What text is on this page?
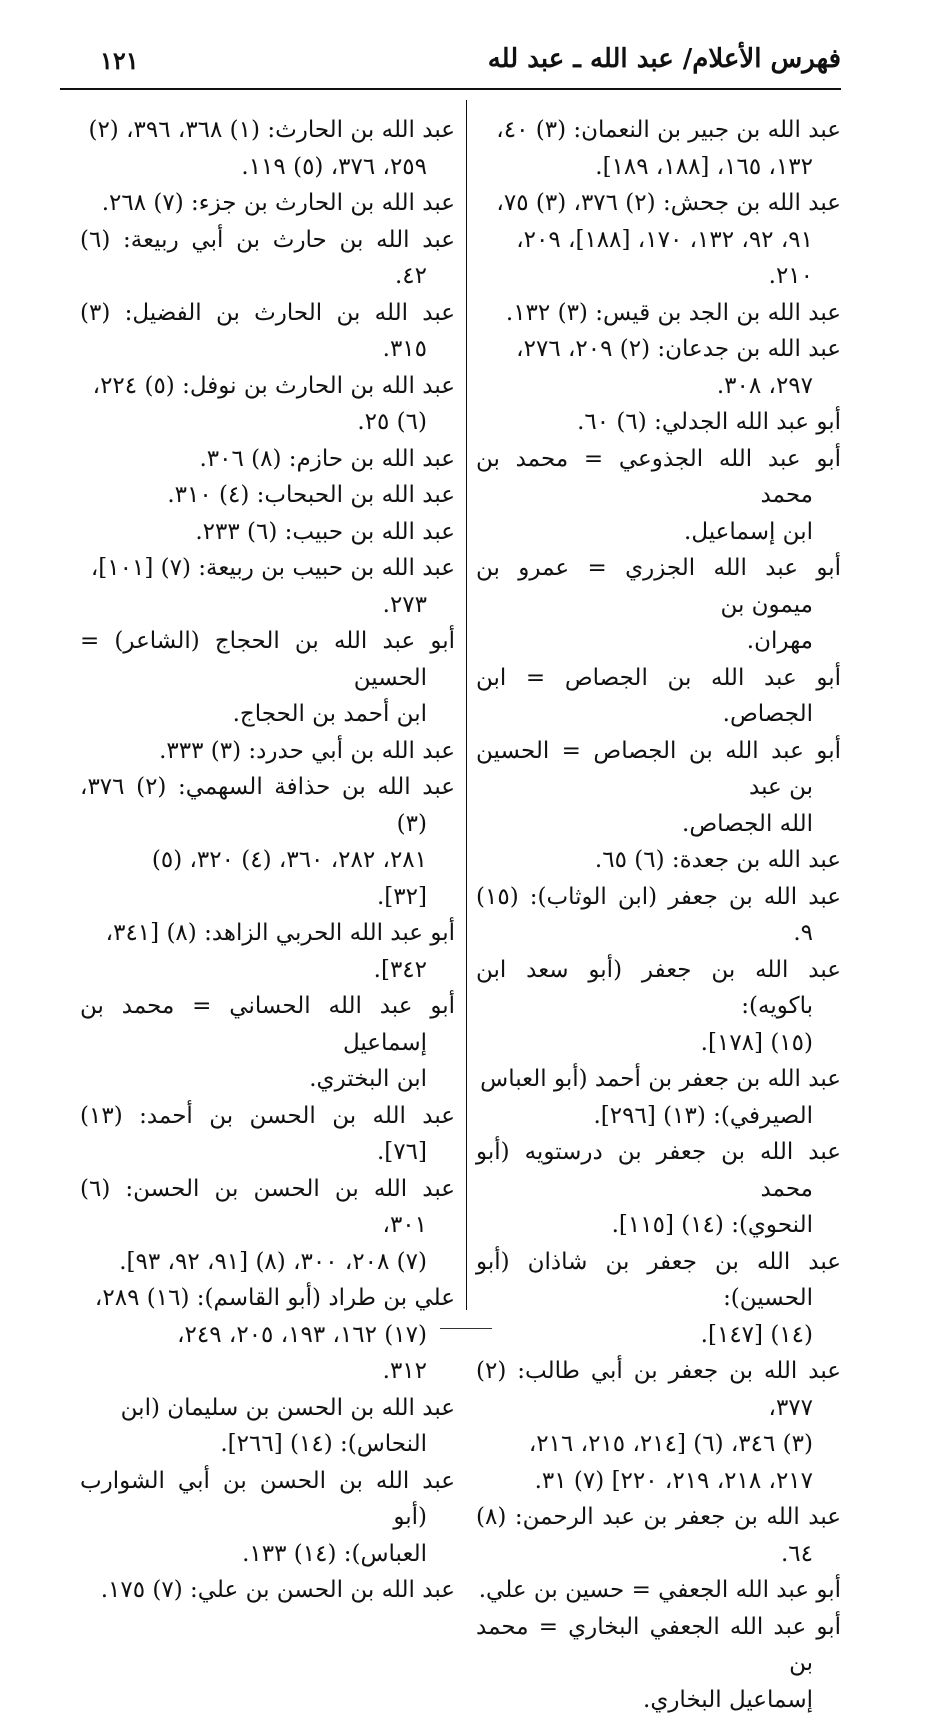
فهرس الأعلام/ عبد الله ـ عبد لله
١٢١
عبد الله بن جبير بن النعمان: (٣) ٤٠،
١٣٢، ١٦٥، [١٨٨، ١٨٩].
عبد الله بن جحش: (٢) ٣٧٦، (٣) ٧٥،
٩١، ٩٢، ١٣٢، ١٧٠، [١٨٨]، ٢٠٩،
٢١٠.
عبد الله بن الجد بن قيس: (٣) ١٣٢.
عبد الله بن جدعان: (٢) ٢٠٩، ٢٧٦،
٢٩٧، ٣٠٨.
أبو عبد الله الجدلي: (٦) ٦٠.
أبو عبد الله الجذوعي = محمد بن محمد
ابن إسماعيل.
أبو عبد الله الجزري = عمرو بن ميمون بن
مهران.
أبو عبد الله بن الجصاص = ابن الجصاص.
أبو عبد الله بن الجصاص = الحسين بن عبد
الله الجصاص.
عبد الله بن جعدة: (٦) ٦٥.
عبد الله بن جعفر (ابن الوثاب): (١٥) ٩.
عبد الله بن جعفر (أبو سعد ابن باكويه):
(١٥) [١٧٨].
عبد الله بن جعفر بن أحمد (أبو العباس
الصيرفي): (١٣) [٢٩٦].
عبد الله بن جعفر بن درستويه (أبو محمد
النحوي): (١٤) [١١٥].
عبد الله بن جعفر بن شاذان (أبو الحسين):
(١٤) [١٤٧].
عبد الله بن جعفر بن أبي طالب: (٢) ٣٧٧،
(٣) ٣٤٦، (٦) [٢١٤، ٢١٥، ٢١٦،
٢١٧، ٢١٨، ٢١٩، ٢٢٠] (٧) ٣١.
عبد الله بن جعفر بن عبد الرحمن: (٨) ٦٤.
أبو عبد الله الجعفي = حسين بن علي.
أبو عبد الله الجعفي البخاري = محمد بن
إسماعيل البخاري.
عبد الله بن الحارث: (١) ٣٦٨، ٣٩٦، (٢)
٢٥٩، ٣٧٦، (٥) ١١٩.
عبد الله بن الحارث بن جزء: (٧) ٢٦٨.
عبد الله بن حارث بن أبي ربيعة: (٦) ٤٢.
عبد الله بن الحارث بن الفضيل: (٣) ٣١٥.
عبد الله بن الحارث بن نوفل: (٥) ٢٢٤،
(٦) ٢٥.
عبد الله بن حازم: (٨) ٣٠٦.
عبد الله بن الحبحاب: (٤) ٣١٠.
عبد الله بن حبيب: (٦) ٢٣٣.
عبد الله بن حبيب بن ربيعة: (٧) [١٠١]،
٢٧٣.
أبو عبد الله بن الحجاج (الشاعر) = الحسين
ابن أحمد بن الحجاج.
عبد الله بن أبي حدرد: (٣) ٣٣٣.
عبد الله بن حذافة السهمي: (٢) ٣٧٦، (٣)
٢٨١، ٢٨٢، ٣٦٠، (٤) ٣٢٠، (٥)
[٣٢].
أبو عبد الله الحربي الزاهد: (٨) [٣٤١،
٣٤٢].
أبو عبد الله الحساني = محمد بن إسماعيل
ابن البختري.
عبد الله بن الحسن بن أحمد: (١٣) [٧٦].
عبد الله بن الحسن بن الحسن: (٦) ٣٠١،
(٧) ٢٠٨، ٣٠٠، (٨) [٩١، ٩٢، ٩٣].
علي بن طراد (أبو القاسم): (١٦) ٢٨٩،
(١٧) ١٦٢، ١٩٣، ٢٠٥، ٢٤٩،
٣١٢.
عبد الله بن الحسن بن سليمان (ابن
النحاس): (١٤) [٢٦٦].
عبد الله بن الحسن بن أبي الشوارب (أبو
العباس): (١٤) ١٣٣.
عبد الله بن الحسن بن علي: (٧) ١٧٥.
